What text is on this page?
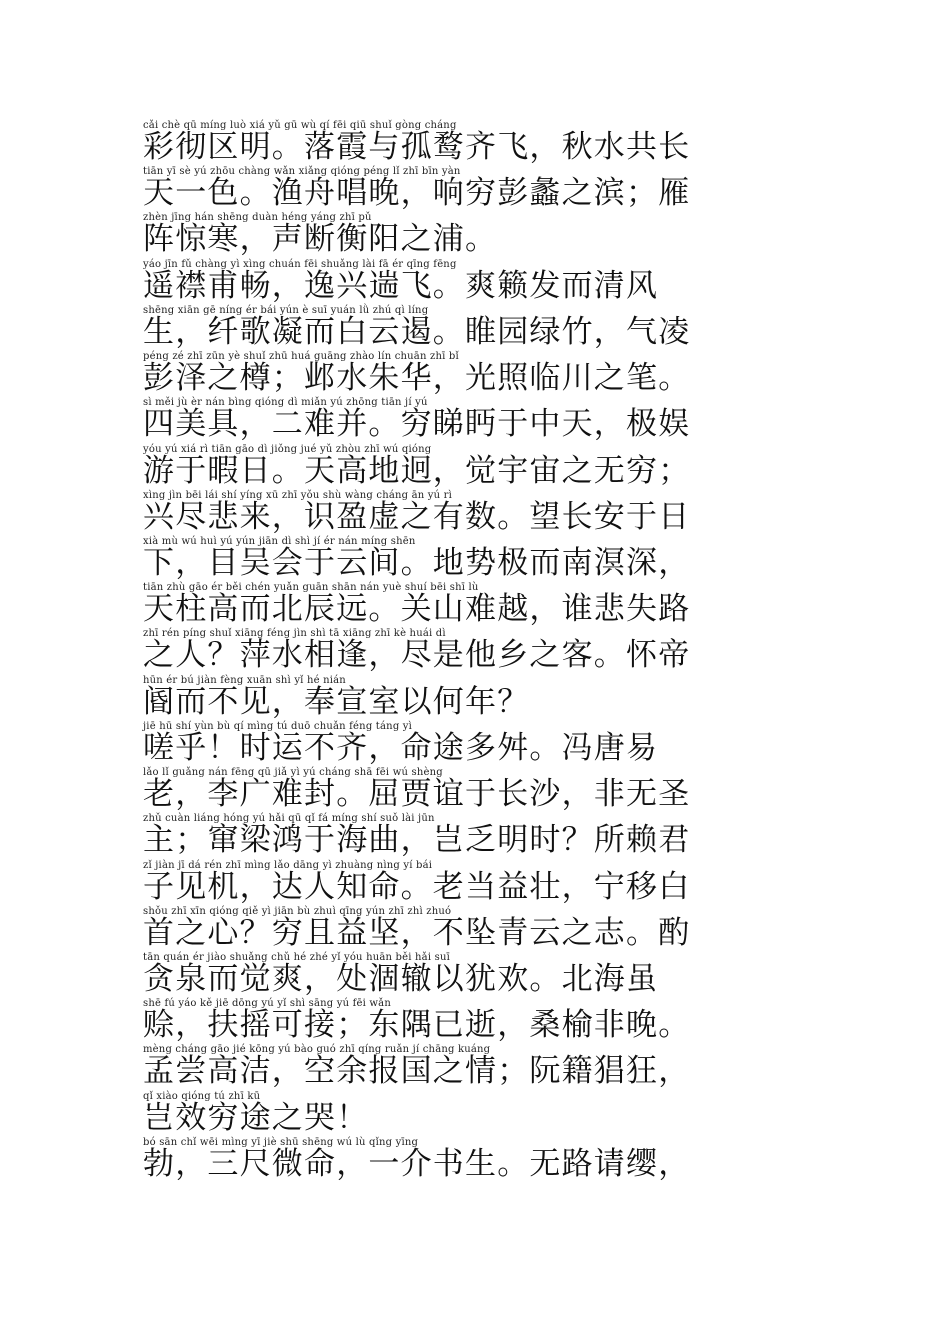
cǎi chè qū míng luò xiá yǔ gū wù qí fēi qiū shuǐ gòng cháng
彩彻区明。落霞与孤鹜齐飞，秋水共长
tiān yī sè yú zhōu chàng wǎn xiǎng qióng péng lǐ zhī bīn yàn
天一色。渔舟唱晚，响穷彭蠡之滨；雁
zhèn jīng hán shēng duàn héng yáng zhī pǔ
阵惊寒，声断衡阳之浦。
yáo jīn fǔ chàng yì xìng chuán fēi shuǎng lài fā ér qīng fēng
遥襟甫畅，逸兴遄飞。爽籁发而清风
shēng xiān gē níng ér bái yún è suī yuán lǜ zhú qì líng
生，纤歌凝而白云遏。睢园绿竹，气凌
péng zé zhī zūn yè shuǐ zhū huá guāng zhào lín chuān zhī bǐ
彭泽之樽；邺水朱华，光照临川之笔。
sì měi jù èr nán bìng qióng dì miǎn yú zhōng tiān jí yú
四美具，二难并。穷睇眄于中天，极娱
yóu yú xiá rì tiān gāo dì jiǒng jué yǔ zhòu zhī wú qióng
游于暇日。天高地迥，觉宇宙之无穷；
xìng jìn bēi lái shí yíng xū zhī yǒu shù wàng cháng ān yú rì
兴尽悲来，识盈虚之有数。望长安于日
xià mù wú huì yú yún jiān dì shì jí ér nán míng shēn
下，目吴会于云间。地势极而南溟深，
tiān zhù gāo ér běi chén yuǎn guān shān nán yuè shuí bēi shī lù
天柱高而北辰远。关山难越，谁悲失路
zhī rén píng shuǐ xiāng féng jìn shì tā xiāng zhī kè huái dì
之人？萍水相逢，尽是他乡之客。怀帝
hūn ér bú jiàn fèng xuān shì yǐ hé nián
阍而不见，奉宣室以何年？
jiē hū shí yùn bù qí mìng tú duō chuǎn féng táng yì
嗟乎！时运不齐，命途多舛。冯唐易
lǎo lǐ guǎng nán fēng qū jiǎ yì yú cháng shā fēi wú shèng
老，李广难封。屈贾谊于长沙，非无圣
zhǔ cuàn liáng hóng yú hǎi qū qǐ fá míng shí suǒ lài jūn
主；窜梁鸿于海曲，岂乏明时？所赖君
zǐ jiàn jī dá rén zhī mìng lǎo dāng yì zhuàng nìng yí bái
子见机，达人知命。老当益壮，宁移白
shǒu zhī xīn qióng qiě yì jiān bù zhuì qīng yún zhī zhì zhuó
首之心？穷且益坚，不坠青云之志。酌
tān quán ér jiào shuǎng chǔ hé zhé yǐ yóu huān běi hǎi suī
贪泉而觉爽，处涸辙以犹欢。北海虽
shē fú yáo kě jiē dōng yú yǐ shì sāng yú fēi wǎn
赊，扶摇可接；东隅已逝，桑榆非晚。
mèng cháng gāo jié kōng yú bào guó zhī qíng ruǎn jí chāng kuáng
孟尝高洁，空余报国之情；阮籍猖狂，
qǐ xiào qióng tú zhī kū
岂效穷途之哭！
bó sān chǐ wēi mìng yī jiè shū shēng wú lù qǐng yīng
勃，三尺微命，一介书生。无路请缨，
